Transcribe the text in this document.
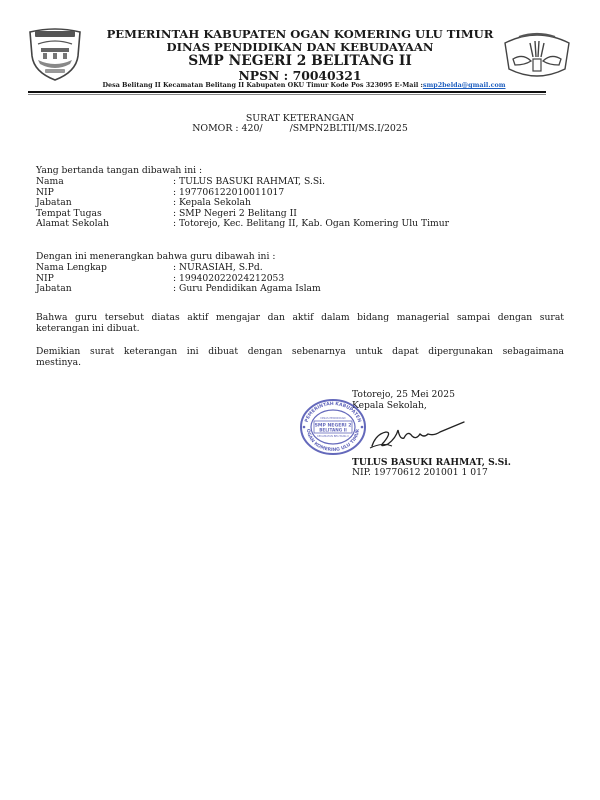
PEMERINTAH KABUPATEN OGAN KOMERING ULU TIMUR
DINAS PENDIDIKAN DAN KEBUDAYAAN
SMP NEGERI 2 BELITANG II
NPSN : 70040321
Desa Belitang II Kecamatan Belitang II Kabupaten OKU Timur Kode Pos 323095 E-Mail :smp2belda@gmail.com
SURAT KETERANGAN
NOMOR : 420/	/SMPN2BLTII/MS.I/2025
Yang bertanda tangan dibawah ini :
Nama	: TULUS BASUKI RAHMAT, S.Si.
NIP	: 197706122010011017
Jabatan	: Kepala Sekolah
Tempat Tugas	: SMP Negeri 2 Belitang II
Alamat Sekolah	: Totorejo, Kec. Belitang II, Kab. Ogan Komering Ulu Timur
Dengan ini menerangkan bahwa guru dibawah ini :
Nama Lengkap	: NURASIAH, S.Pd.
NIP	: 199402022024212053
Jabatan	: Guru Pendidikan Agama Islam
Bahwa guru tersebut diatas aktif mengajar dan aktif dalam bidang managerial sampai dengan surat
keterangan ini dibuat.
Demikian surat keterangan ini dibuat dengan sebenarnya untuk dapat dipergunakan sebagaimana
mestinya.
Totorejo, 25 Mei 2025
Kepala Sekolah,
PEMERINTAH KABUPATEN
OGAN KOMERING ULU TIMUR
DINAS PENDIDIKAN
SMP NEGERI 2
BELITANG II
KECAMATAN BELITANG II
TULUS BASUKI RAHMAT, S.Si.
NIP. 19770612 201001 1 017
